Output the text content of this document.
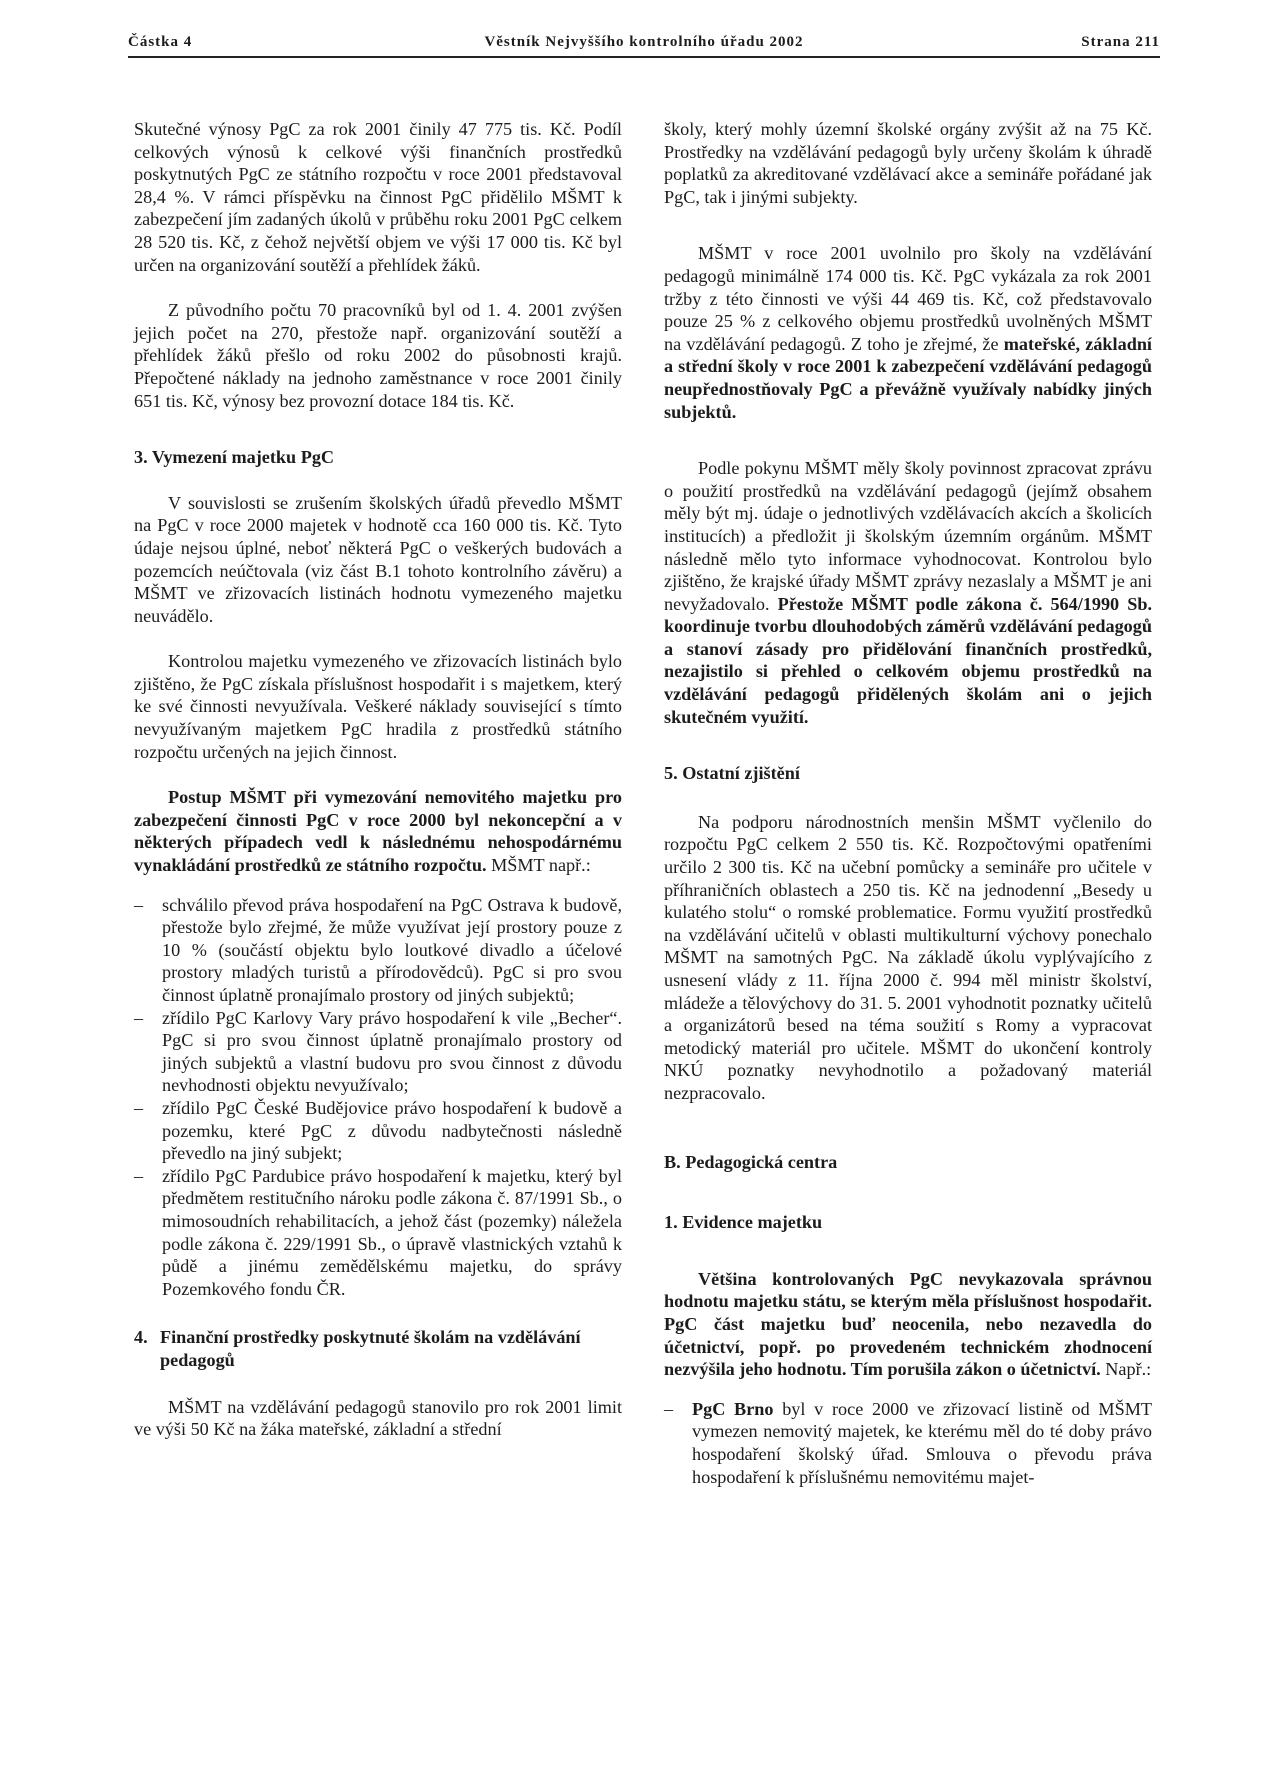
Částka 4	Věstník Nejvyššího kontrolního úřadu 2002	Strana 211

Skutečné výnosy PgC za rok 2001 činily 47 775 tis. Kč. Podíl celkových výnosů k celkové výši finančních prostředků poskytnutých PgC ze státního rozpočtu v roce 2001 představoval 28,4 %. V rámci příspěvku na činnost PgC přidělilo MŠMT k zabezpečení jím zadaných úkolů v průběhu roku 2001 PgC celkem 28 520 tis. Kč, z čehož největší objem ve výši 17 000 tis. Kč byl určen na organizování soutěží a přehlídek žáků.

Z původního počtu 70 pracovníků byl od 1. 4. 2001 zvýšen jejich počet na 270, přestože např. organizování soutěží a přehlídek žáků přešlo od roku 2002 do působnosti krajů. Přepočtené náklady na jednoho zaměstnance v roce 2001 činily 651 tis. Kč, výnosy bez provozní dotace 184 tis. Kč.

3. Vymezení majetku PgC

V souvislosti se zrušením školských úřadů převedlo MŠMT na PgC v roce 2000 majetek v hodnotě cca 160 000 tis. Kč. Tyto údaje nejsou úplné, neboť některá PgC o veškerých budovách a pozemcích neúčtovala (viz část B.1 tohoto kontrolního závěru) a MŠMT ve zřizovacích listinách hodnotu vymezeného majetku neuvádělo.

Kontrolou majetku vymezeného ve zřizovacích listinách bylo zjištěno, že PgC získala příslušnost hospodařit i s majetkem, který ke své činnosti nevyužívala. Veškeré náklady související s tímto nevyužívaným majetkem PgC hradila z prostředků státního rozpočtu určených na jejich činnost.

Postup MŠMT při vymezování nemovitého majetku pro zabezpečení činnosti PgC v roce 2000 byl nekoncepční a v některých případech vedl k následnému nehospodárnému vynakládání prostředků ze státního rozpočtu. MŠMT např.:

– schválilo převod práva hospodaření na PgC Ostrava k budově, přestože bylo zřejmé, že může využívat její prostory pouze z 10 % (součástí objektu bylo loutkové divadlo a účelové prostory mladých turistů a přírodovědců). PgC si pro svou činnost úplatně pronajímalo prostory od jiných subjektů;
– zřídilo PgC Karlovy Vary právo hospodaření k vile „Becher“. PgC si pro svou činnost úplatně pronajímalo prostory od jiných subjektů a vlastní budovu pro svou činnost z důvodu nevhodnosti objektu nevyužívalo;
– zřídilo PgC České Budějovice právo hospodaření k budově a pozemku, které PgC z důvodu nadbytečnosti následně převedlo na jiný subjekt;
– zřídilo PgC Pardubice právo hospodaření k majetku, který byl předmětem restitučního nároku podle zákona č. 87/1991 Sb., o mimosoudních rehabilitacích, a jehož část (pozemky) náležela podle zákona č. 229/1991 Sb., o úpravě vlastnických vztahů k půdě a jinému zemědělskému majetku, do správy Pozemkového fondu ČR.
4. Finanční prostředky poskytnuté školám na vzdělávání pedagogů

MŠMT na vzdělávání pedagogů stanovilo pro rok 2001 limit ve výši 50 Kč na žáka mateřské, základní a střední

školy, který mohly územní školské orgány zvýšit až na 75 Kč. Prostředky na vzdělávání pedagogů byly určeny školám k úhradě poplatků za akreditované vzdělávací akce a semináře pořádané jak PgC, tak i jinými subjekty.

MŠMT v roce 2001 uvolnilo pro školy na vzdělávání pedagogů minimálně 174 000 tis. Kč. PgC vykázala za rok 2001 tržby z této činnosti ve výši 44 469 tis. Kč, což představovalo pouze 25 % z celkového objemu prostředků uvolněných MŠMT na vzdělávání pedagogů. Z toho je zřejmé, že mateřské, základní a střední školy v roce 2001 k zabezpečení vzdělávání pedagogů neupřednostňovaly PgC a převážně využívaly nabídky jiných subjektů.

Podle pokynu MŠMT měly školy povinnost zpracovat zprávu o použití prostředků na vzdělávání pedagogů (jejímž obsahem měly být mj. údaje o jednotlivých vzdělávacích akcích a školicích institucích) a předložit ji školským územním orgánům. MŠMT následně mělo tyto informace vyhodnocovat. Kontrolou bylo zjištěno, že krajské úřady MŠMT zprávy nezaslaly a MŠMT je ani nevyžadovalo. Přestože MŠMT podle zákona č. 564/1990 Sb. koordinuje tvorbu dlouhodobých záměrů vzdělávání pedagogů a stanoví zásady pro přidělování finančních prostředků, nezajistilo si přehled o celkovém objemu prostředků na vzdělávání pedagogů přidělených školám ani o jejich skutečném využití.

5. Ostatní zjištění

Na podporu národnostních menšin MŠMT vyčlenilo do rozpočtu PgC celkem 2 550 tis. Kč. Rozpočtovými opatřeními určilo 2 300 tis. Kč na učební pomůcky a semináře pro učitele v příhraničních oblastech a 250 tis. Kč na jednodenní „Besedy u kulatého stolu“ o romské problematice. Formu využití prostředků na vzdělávání učitelů v oblasti multikulturní výchovy ponechalo MŠMT na samotných PgC. Na základě úkolu vyplývajícího z usnesení vlády z 11. října 2000 č. 994 měl ministr školství, mládeže a tělovýchovy do 31. 5. 2001 vyhodnotit poznatky učitelů a organizátorů besed na téma soužití s Romy a vypracovat metodický materiál pro učitele. MŠMT do ukončení kontroly NKÚ poznatky nevyhodnotilo a požadovaný materiál nezpracovalo.

B. Pedagogická centra
1. Evidence majetku

Většina kontrolovaných PgC nevykazovala správnou hodnotu majetku státu, se kterým měla příslušnost hospodařit. PgC část majetku buď neocenila, nebo nezavedla do účetnictví, popř. po provedeném technickém zhodnocení nezvýšila jeho hodnotu. Tím porušila zákon o účetnictví. Např.:

– PgC Brno byl v roce 2000 ve zřizovací listině od MŠMT vymezen nemovitý majetek, ke kterému měl do té doby právo hospodaření školský úřad. Smlouva o převodu práva hospodaření k příslušnému nemovitému majet-
